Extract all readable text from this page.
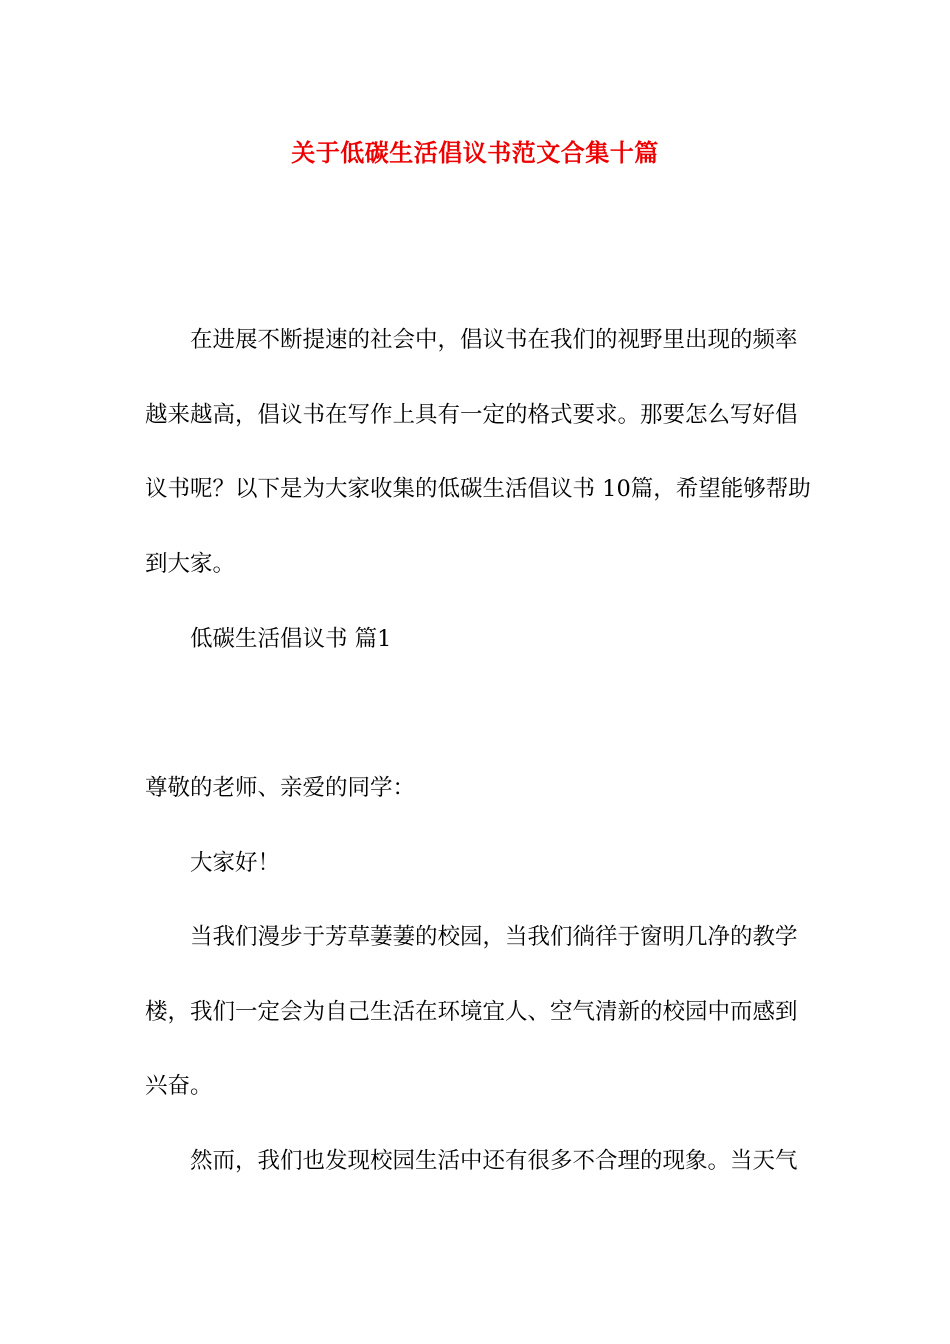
关于低碳生活倡议书范文合集十篇
在进展不断提速的社会中，倡议书在我们的视野里出现的频率
越来越高，倡议书在写作上具有一定的格式要求。那要怎么写好倡
议书呢？以下是为大家收集的低碳生活倡议书 10篇，希望能够帮助
到大家。
低碳生活倡议书 篇1
尊敬的老师、亲爱的同学：
大家好！
当我们漫步于芳草萋萋的校园，当我们徜徉于窗明几净的教学
楼，我们一定会为自己生活在环境宜人、空气清新的校园中而感到
兴奋。
然而，我们也发现校园生活中还有很多不合理的现象。当天气
